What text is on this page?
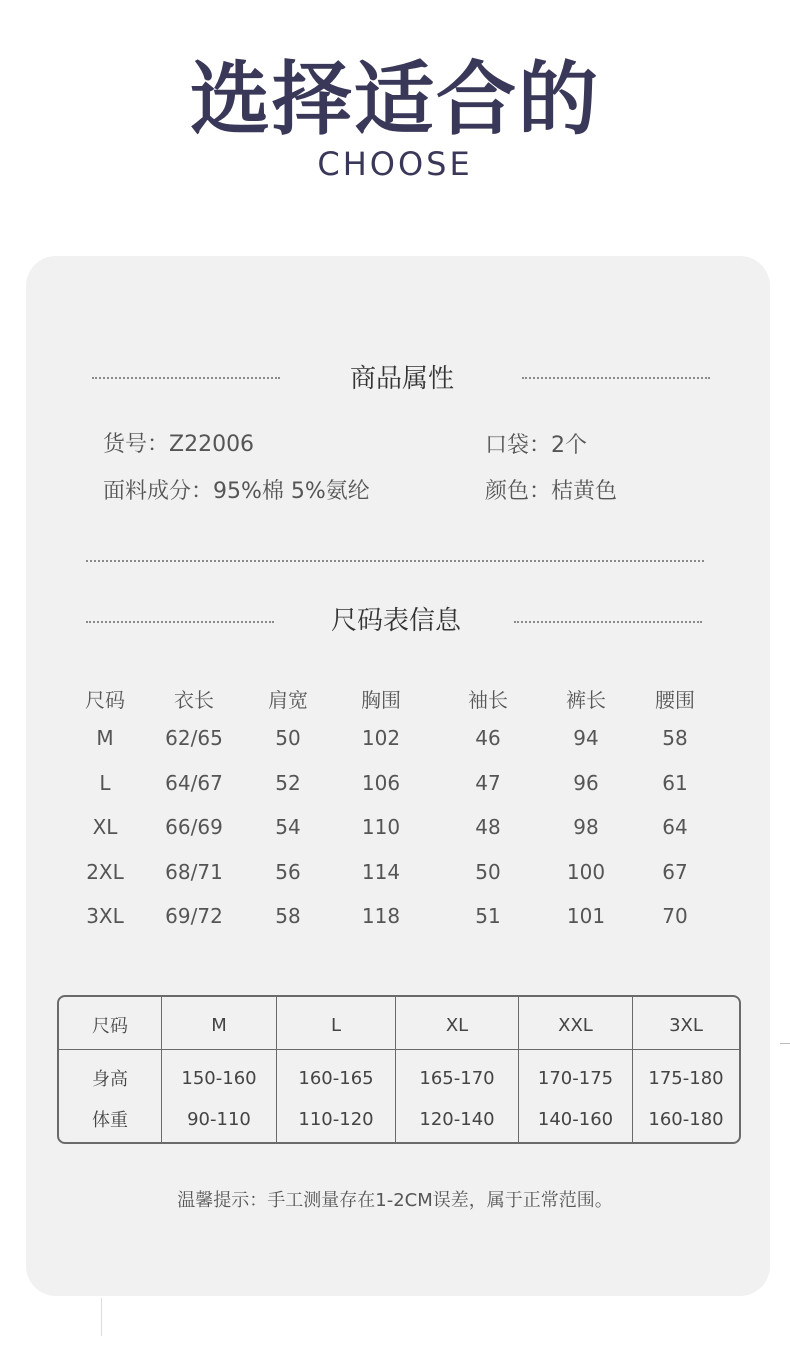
选择适合的
CHOOSE
商品属性
货号：Z22006	口袋：2个
面料成分：95%棉 5%氨纶	颜色：桔黄色
尺码表信息
尺码	衣长	肩宽	胸围	袖长	裤长	腰围
M	62/65	50	102	46	94	58
L	64/67	52	106	47	96	61
XL	66/69	54	110	48	98	64
2XL	68/71	56	114	50	100	67
3XL	69/72	58	118	51	101	70
尺码	M	L	XL	XXL	3XL
身高	150-160	160-165	165-170	170-175	175-180
体重	90-110	110-120	120-140	140-160	160-180
温馨提示：手工测量存在1-2CM误差，属于正常范围。
